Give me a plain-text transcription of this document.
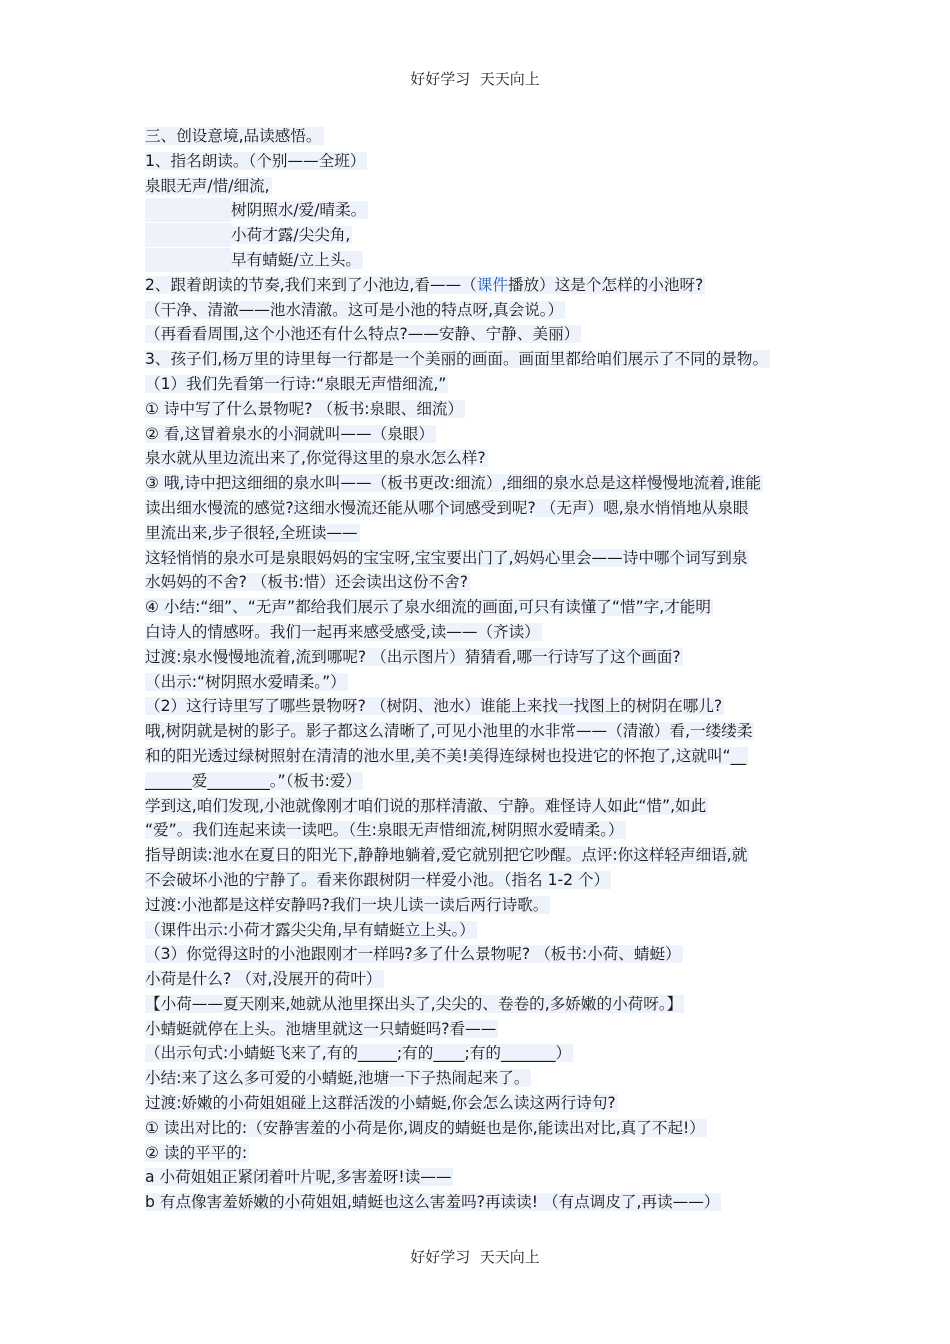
好好学习  天天向上
三、创设意境,品读感悟。
1、指名朗读。（个别——全班）
泉眼无声/惜/细流,
树阴照水/爱/晴柔。
小荷才露/尖尖角,
早有蜻蜓/立上头。
2、跟着朗读的节奏,我们来到了小池边,看——（课件播放）这是个怎样的小池呀?
（干净、清澈——池水清澈。这可是小池的特点呀,真会说。）
（再看看周围,这个小池还有什么特点?——安静、宁静、美丽）
3、孩子们,杨万里的诗里每一行都是一个美丽的画面。画面里都给咱们展示了不同的景物。
（1）我们先看第一行诗:“泉眼无声惜细流,”
① 诗中写了什么景物呢? （板书:泉眼、细流）
② 看,这冒着泉水的小洞就叫——（泉眼）
泉水就从里边流出来了,你觉得这里的泉水怎么样?
③ 哦,诗中把这细细的泉水叫——（板书更改:细流）,细细的泉水总是这样慢慢地流着,谁能
读出细水慢流的感觉?这细水慢流还能从哪个词感受到呢? （无声）嗯,泉水悄悄地从泉眼
里流出来,步子很轻,全班读——
这轻悄悄的泉水可是泉眼妈妈的宝宝呀,宝宝要出门了,妈妈心里会——诗中哪个词写到泉
水妈妈的不舍? （板书:惜）还会读出这份不舍?
④ 小结:“细”、“无声”都给我们展示了泉水细流的画面,可只有读懂了“惜”字,才能明
白诗人的情感呀。我们一起再来感受感受,读——（齐读）
过渡:泉水慢慢地流着,流到哪呢? （出示图片）猜猜看,哪一行诗写了这个画面?
（出示:“树阴照水爱晴柔。”）
（2）这行诗里写了哪些景物呀? （树阴、池水）谁能上来找一找图上的树阴在哪儿?
哦,树阴就是树的影子。影子都这么清晰了,可见小池里的水非常——（清澈）看,一缕缕柔
和的阳光透过绿树照射在清清的池水里,美不美!美得连绿树也投进它的怀抱了,这就叫“__
______爱________。”（板书:爱）
学到这,咱们发现,小池就像刚才咱们说的那样清澈、宁静。难怪诗人如此“惜”,如此
“爱”。我们连起来读一读吧。（生:泉眼无声惜细流,树阴照水爱晴柔。）
指导朗读:池水在夏日的阳光下,静静地躺着,爱它就别把它吵醒。点评:你这样轻声细语,就
不会破坏小池的宁静了。看来你跟树阴一样爱小池。（指名 1-2 个）
过渡:小池都是这样安静吗?我们一块儿读一读后两行诗歌。
（课件出示:小荷才露尖尖角,早有蜻蜓立上头。）
（3）你觉得这时的小池跟刚才一样吗?多了什么景物呢? （板书:小荷、蜻蜓）
小荷是什么? （对,没展开的荷叶）
【小荷——夏天刚来,她就从池里探出头了,尖尖的、卷卷的,多娇嫩的小荷呀。】
小蜻蜓就停在上头。池塘里就这一只蜻蜓吗?看——
（出示句式:小蜻蜓飞来了,有的_____;有的____;有的_______）
小结:来了这么多可爱的小蜻蜓,池塘一下子热闹起来了。
过渡:娇嫩的小荷姐姐碰上这群活泼的小蜻蜓,你会怎么读这两行诗句?
① 读出对比的:（安静害羞的小荷是你,调皮的蜻蜓也是你,能读出对比,真了不起!）
② 读的平平的:
a 小荷姐姐正紧闭着叶片呢,多害羞呀!读——
b 有点像害羞娇嫩的小荷姐姐,蜻蜓也这么害羞吗?再读读! （有点调皮了,再读——）
好好学习  天天向上
